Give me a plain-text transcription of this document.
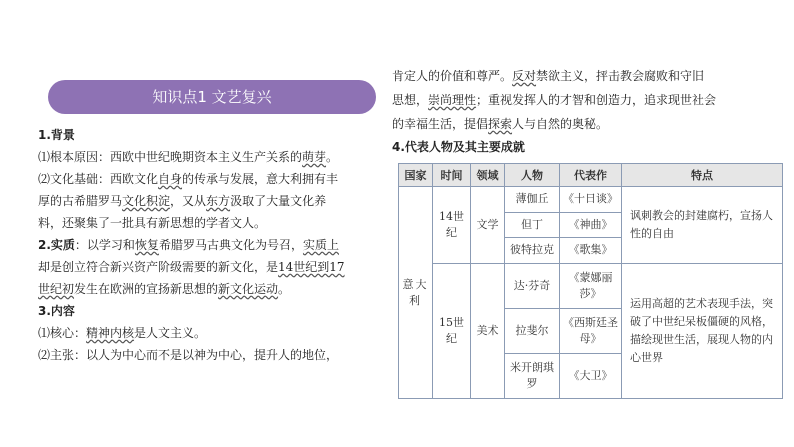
知识点1 文艺复兴

1.背景

⑴根本原因：西欧中世纪晚期资本主义生产关系的萌芽。

⑵文化基础：西欧文化自身的传承与发展，意大利拥有丰

厚的古希腊罗马文化积淀，又从东方汲取了大量文化养

料，还聚集了一批具有新思想的学者文人。

2.实质：以学习和恢复希腊罗马古典文化为号召，实质上

却是创立符合新兴资产阶级需要的新文化，是14世纪到17

世纪初发生在欧洲的宣扬新思想的新文化运动。

3.内容

⑴核心：精神内核是人文主义。

⑵主张：以人为中心而不是以神为中心，提升人的地位，

肯定人的价值和尊严。反对禁欲主义，抨击教会腐败和守旧

思想，崇尚理性；重视发挥人的才智和创造力，追求现世社会

的幸福生活，提倡探索人与自然的奥秘。

4.代表人物及其主要成就
国家	时间	领域	人物	代表作	特点
意大利	14世纪	文学	薄伽丘	《十日谈》	讽刺教会的封建腐朽，宣扬人性的自由
			但丁	《神曲》	
			彼特拉克	《歌集》	
	15世纪	美术	达·芬奇	《蒙娜丽莎》	运用高超的艺术表现手法，突破了中世纪呆板僵硬的风格，描绘现世生活，展现人物的内心世界
			拉斐尔	《西斯廷圣母》	
			米开朗琪罗	《大卫》	
